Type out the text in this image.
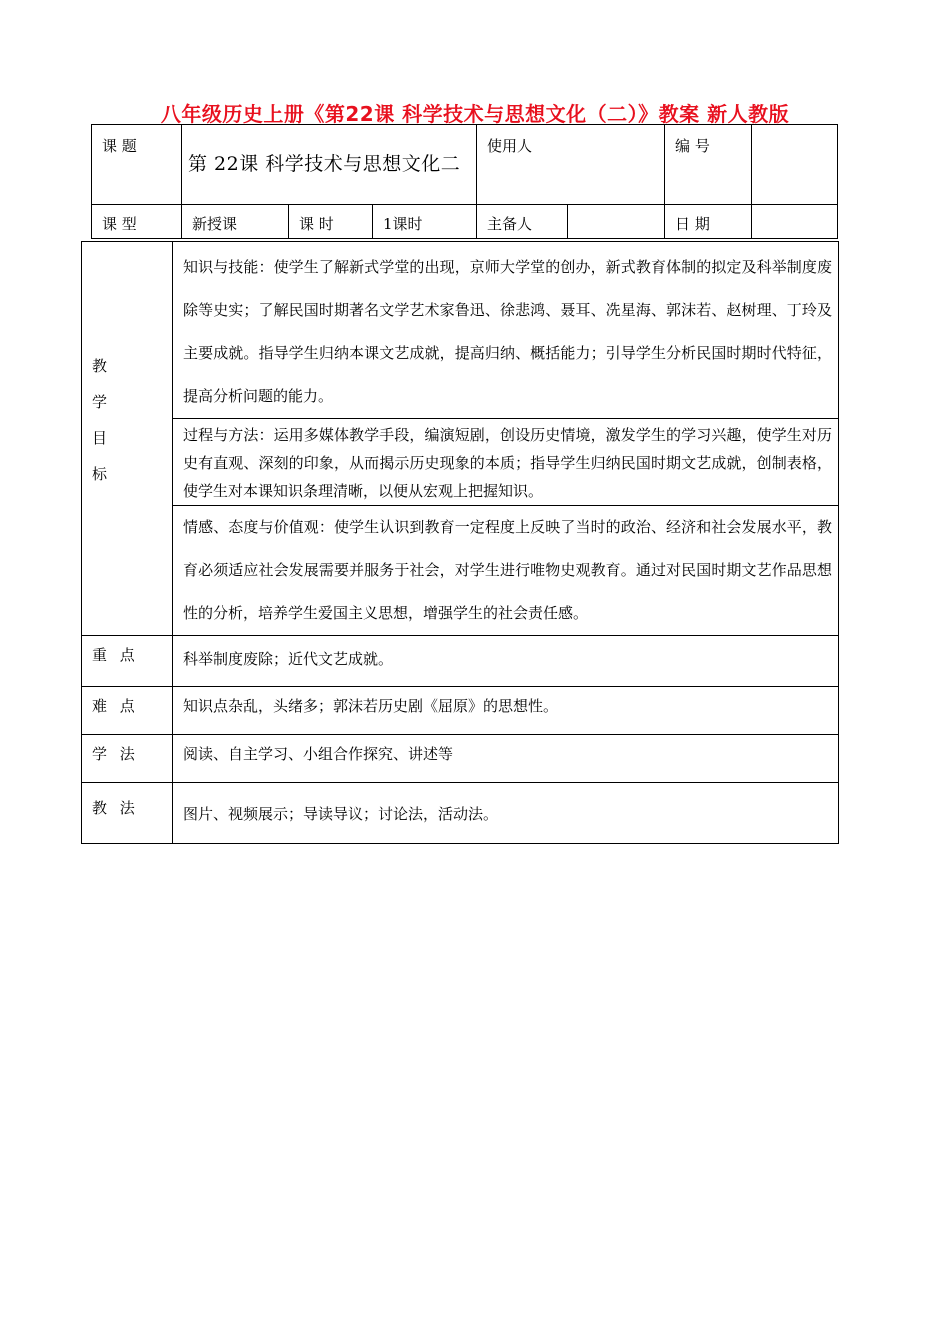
八年级历史上册《第22课 科学技术与思想文化（二）》教案 新人教版
课 题	第 22课 科学技术与思想文化二			使用人		编 号	

课 型	新授课	课 时	1课时	主备人		日 期	

教
学
目
标	知识与技能：使学生了解新式学堂的出现，京师大学堂的创办，新式教育体制的拟定及科举制度废除等史实；了解民国时期著名文学艺术家鲁迅、徐悲鸿、聂耳、冼星海、郭沫若、赵树理、丁玲及主要成就。指导学生归纳本课文艺成就，提高归纳、概括能力；引导学生分析民国时期时代特征，提高分析问题的能力。

	过程与方法：运用多媒体教学手段，编演短剧，创设历史情境，激发学生的学习兴趣，使学生对历史有直观、深刻的印象，从而揭示历史现象的本质；指导学生归纳民国时期文艺成就，创制表格，使学生对本课知识条理清晰，以便从宏观上把握知识。

	情感、态度与价值观：使学生认识到教育一定程度上反映了当时的政治、经济和社会发展水平，教育必须适应社会发展需要并服务于社会，对学生进行唯物史观教育。通过对民国时期文艺作品思想性的分析，培养学生爱国主义思想，增强学生的社会责任感。

重 点	科举制度废除；近代文艺成就。

难 点	知识点杂乱，头绪多；郭沫若历史剧《屈原》的思想性。

学 法	阅读、自主学习、小组合作探究、讲述等

教 法	图片、视频展示；导读导议；讨论法，活动法。
